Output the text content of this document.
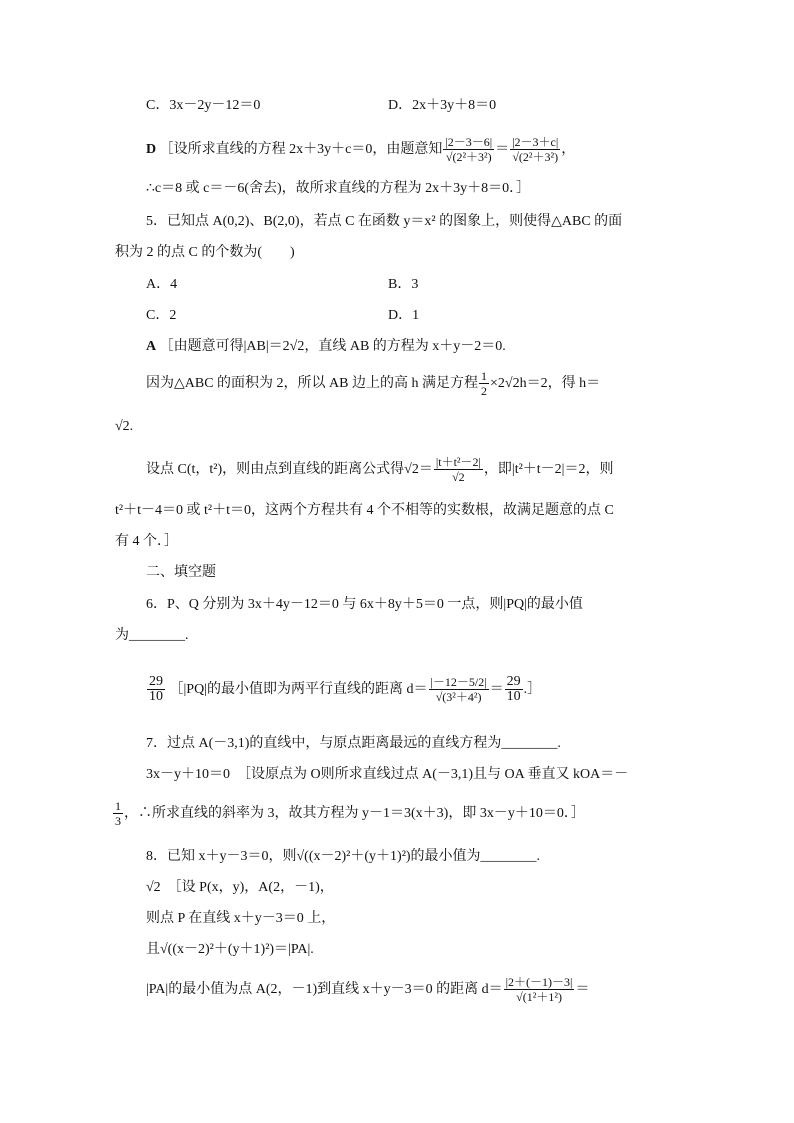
C．3x－2y－12＝0	D．2x＋3y＋8＝0
D ［设所求直线的方程 2x＋3y＋c＝0，由题意知 $\frac{|2-3-6|}{\text{√(2²＋3²)}} = \frac{|2-3+c|}{\text{√(2²＋3²)}}$ ，
∴c＝8 或 c＝－6(舍去)，故所求直线的方程为 2x＋3y＋8＝0．］
5．已知点 A(0,2)、B(2,0)，若点 C 在函数 y＝x² 的图象上，则使得△ABC 的面
积为 2 的点 C 的个数为(　　)
A．4	B．3
C．2	D．1
A ［由题意可得|AB|＝2√2，直线 AB 的方程为 x＋y－2＝0.
因为△ABC 的面积为 2，所以 AB 边上的高 h 满足方程 $\frac{1}{2} \times 2√2h=2$，得 h＝
√2.
设点 C(t，t²)，则由点到直线的距离公式得$√2= \frac{\text{|t＋t²－2|}}{√2}$ ，即|t²＋t－2|＝2，则
t²＋t－4＝0 或 t²＋t＝0，这两个方程共有 4 个不相等的实数根，故满足题意的点 C
有 4 个．］
二、填空题
6．P、Q 分别为 3x＋4y－12＝0 与 6x＋8y＋5＝0 一点，则|PQ|的最小值
为________.
$\frac{29}{10}$ ［|PQ|的最小值即为两平行直线的距离 $d= \frac{|-12-5/2|}{\text{√(3²＋4²)}} = \frac{29}{10}$ .］
7．过点 A(－3,1)的直线中，与原点距离最远的直线方程为________.
3x－y＋10＝0　［设原点为 O则所求直线过点 A(－3,1)且与 OA 垂直又 kOA＝－
$\frac{1}{3}$ ，∴所求直线的斜率为 3，故其方程为 y－1＝3(x＋3)，即 3x－y＋10＝0．］
8．已知 x＋y－3＝0，则√((x－2)²＋(y＋1)²)的最小值为________.
√2　［设 P(x，y)，A(2，－1)，
则点 P 在直线 x＋y－3＝0 上，
且√((x－2)²＋(y＋1)²)＝|PA|.
|PA|的最小值为点 A(2，－1)到直线 x＋y－3＝0 的距离 $d= \frac{|2+(-1)-3|}{\text{√(1²＋1²)}}$ ＝
